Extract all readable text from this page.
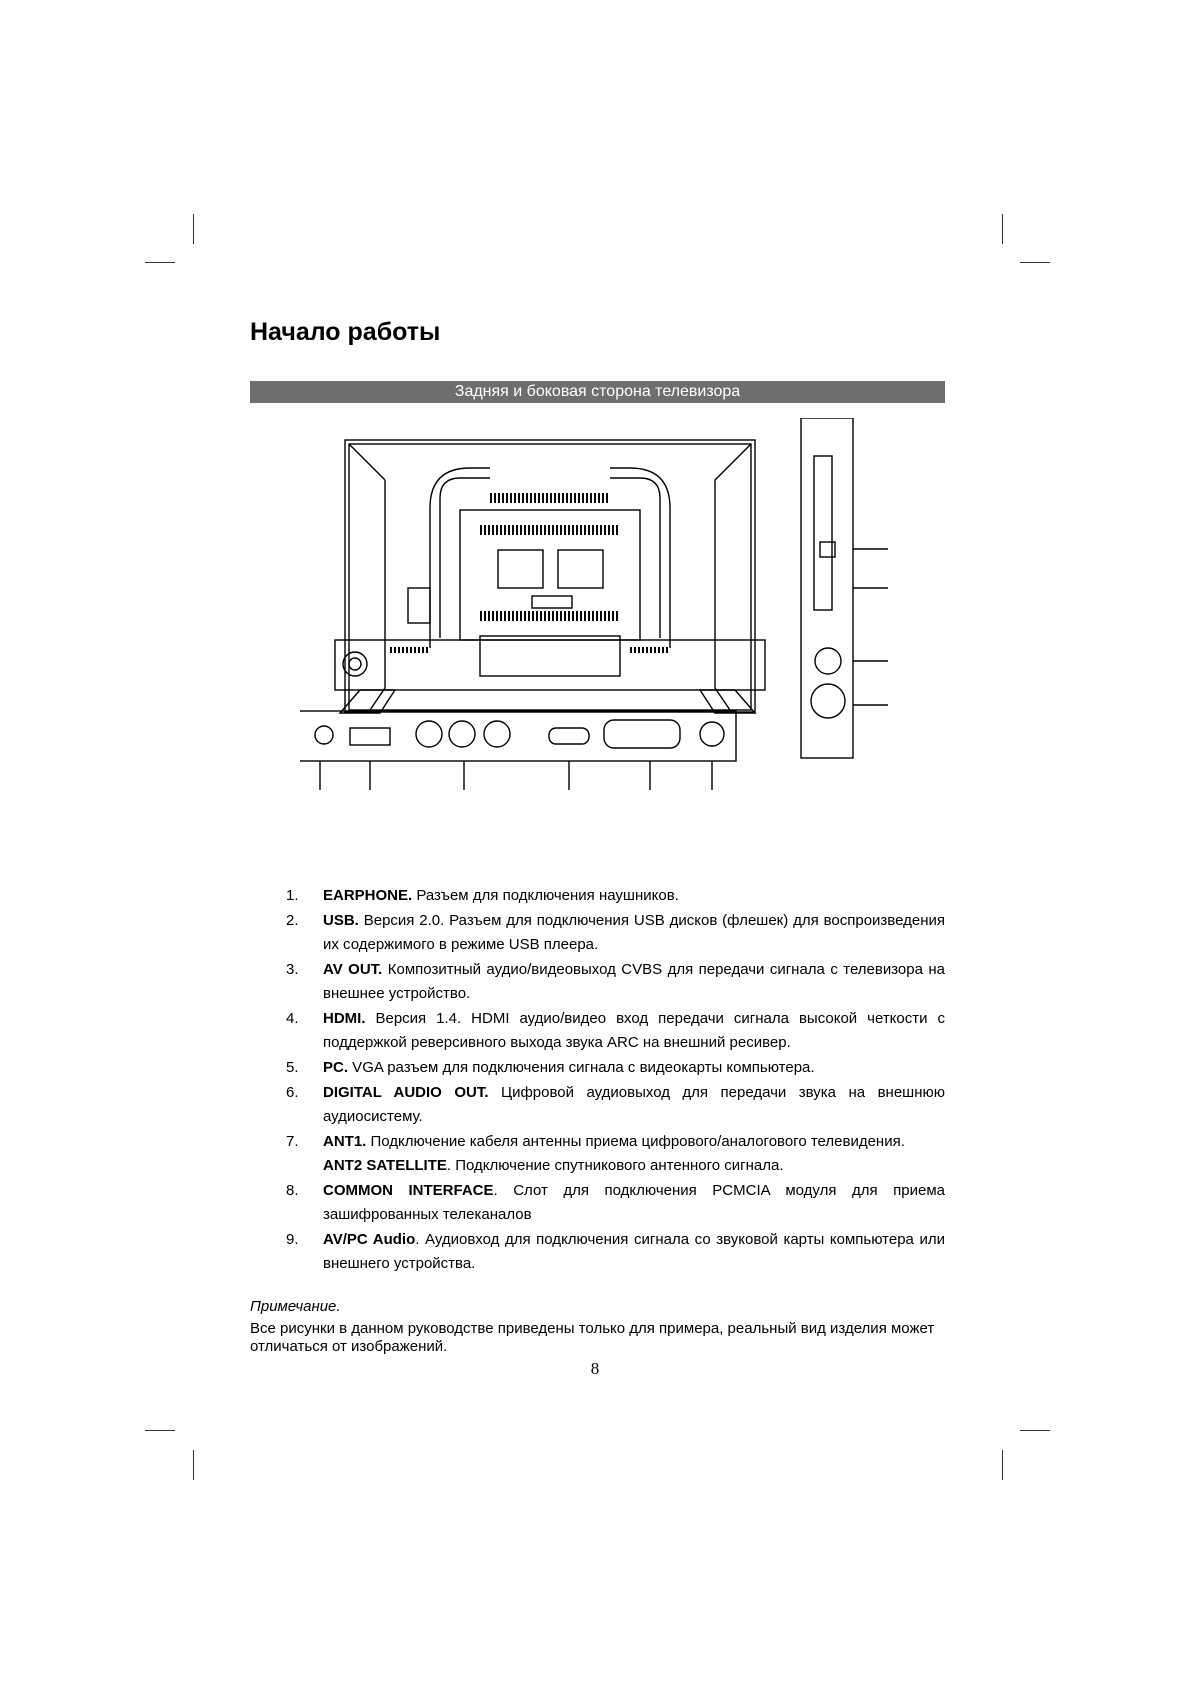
Начало работы
Задняя и боковая сторона телевизора
1. EARPHONE. Разъем для подключения наушников.
2. USB. Версия 2.0. Разъем для подключения USB дисков (флешек) для воспроизведения их содержимого в режиме USB плеера.
3. AV OUT. Композитный аудио/видеовыход CVBS для передачи сигнала с телевизора на внешнее устройство.
4. HDMI. Версия 1.4. HDMI аудио/видео вход передачи сигнала высокой четкости с поддержкой реверсивного выхода звука ARC на внешний ресивер.
5. PC. VGA разъем для подключения сигнала с видеокарты компьютера.
6. DIGITAL AUDIO OUT. Цифровой аудиовыход для передачи звука на внешнюю аудиосистему.
7. ANT1. Подключение кабеля антенны приема цифрового/аналогового телевидения.
ANT2 SATELLITE. Подключение спутникового антенного сигнала.
8. COMMON INTERFACE. Слот для подключения PCMCIA модуля для приема зашифрованных телеканалов
9. AV/PC Audio. Аудиовход для подключения сигнала со звуковой карты компьютера или внешнего устройства.
Примечание.
Все рисунки в данном руководстве приведены только для примера, реальный вид изделия может отличаться от изображений.
8
